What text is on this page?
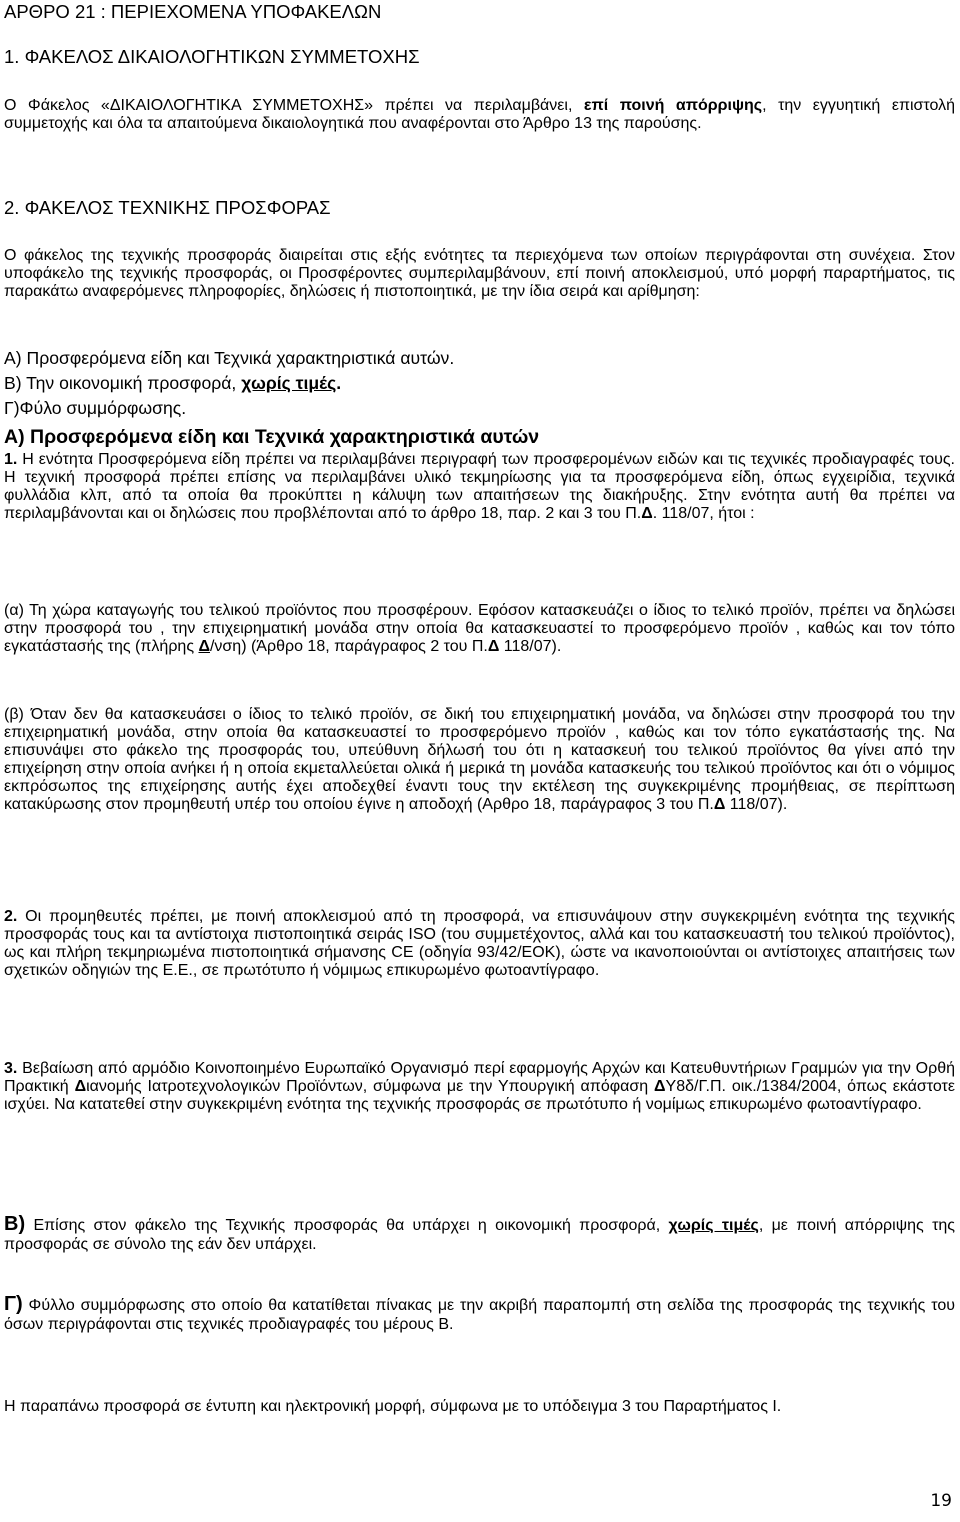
ΑΡΘΡΟ 21 : ΠΕΡΙΕΧΟΜΕΝΑ ΥΠΟΦΑΚΕΛΩΝ

1. ΦΑΚΕΛΟΣ ΔΙΚΑΙΟΛΟΓΗΤΙΚΩΝ ΣΥΜΜΕΤΟΧΗΣ

Ο Φάκελος «ΔΙΚΑΙΟΛΟΓΗΤΙΚΑ ΣΥΜΜΕΤΟΧΗΣ» πρέπει να περιλαμβάνει, επί ποινή απόρριψης, την εγγυητική επιστολή συμμετοχής και όλα τα απαιτούμενα δικαιολογητικά που αναφέρονται στο Άρθρο 13 της παρούσης.

2. ΦΑΚΕΛΟΣ ΤΕΧΝΙΚΗΣ ΠΡΟΣΦΟΡΑΣ

Ο φάκελος της τεχνικής προσφοράς διαιρείται στις εξής ενότητες τα περιεχόμενα των οποίων περιγράφονται στη συνέχεια. Στον υποφάκελο της τεχνικής προσφοράς, οι Προσφέροντες συμπεριλαμβάνουν, επί ποινή αποκλεισμού, υπό μορφή παραρτήματος, τις παρακάτω αναφερόμενες πληροφορίες, δηλώσεις ή πιστοποιητικά, με την ίδια σειρά και αρίθμηση:

Α) Προσφερόμενα είδη και Τεχνικά χαρακτηριστικά αυτών.

Β) Την οικονομική προσφορά, χωρίς τιμές.

Γ)Φύλο συμμόρφωσης.

Α) Προσφερόμενα είδη και Τεχνικά χαρακτηριστικά αυτών

1. Η ενότητα Προσφερόμενα είδη πρέπει να περιλαμβάνει περιγραφή των προσφερομένων ειδών και τις τεχνικές προδιαγραφές τους. Η τεχνική προσφορά πρέπει επίσης να περιλαμβάνει υλικό τεκμηρίωσης για τα προσφερόμενα είδη, όπως εγχειρίδια, τεχνικά φυλλάδια κλπ, από τα οποία θα προκύπτει η κάλυψη των απαιτήσεων της διακήρυξης. Στην ενότητα αυτή θα πρέπει να περιλαμβάνονται και οι δηλώσεις που προβλέπονται από το άρθρο 18, παρ. 2 και 3 του Π.Δ. 118/07, ήτοι :

(α) Τη χώρα καταγωγής του τελικού προϊόντος που προσφέρουν. Εφόσον κατασκευάζει ο ίδιος το τελικό προϊόν, πρέπει να δηλώσει στην προσφορά του , την επιχειρηματική μονάδα στην οποία θα κατασκευαστεί το προσφερόμενο προϊόν , καθώς και τον τόπο εγκατάστασής της (πλήρης Δ/νση) (Άρθρο 18, παράγραφος 2 του Π.Δ 118/07).

(β) Όταν δεν θα κατασκευάσει ο ίδιος το τελικό προϊόν, σε δική του επιχειρηματική μονάδα, να δηλώσει στην προσφορά του την επιχειρηματική μονάδα, στην οποία θα κατασκευαστεί το προσφερόμενο προϊόν , καθώς και τον τόπο εγκατάστασής της. Να επισυνάψει στο φάκελο της προσφοράς του, υπεύθυνη δήλωσή του ότι η κατασκευή του τελικού προϊόντος θα γίνει από την επιχείρηση στην οποία ανήκει ή η οποία εκμεταλλεύεται ολικά ή μερικά τη μονάδα κατασκευής του τελικού προϊόντος και ότι ο νόμιμος εκπρόσωπος της επιχείρησης αυτής έχει αποδεχθεί έναντι τους την εκτέλεση της συγκεκριμένης προμήθειας, σε περίπτωση κατακύρωσης στον προμηθευτή υπέρ του οποίου έγινε η αποδοχή (Αρθρο 18, παράγραφος 3 του Π.Δ 118/07).

2. Οι προμηθευτές πρέπει, με ποινή αποκλεισμού από τη προσφορά, να επισυνάψουν στην συγκεκριμένη ενότητα της τεχνικής προσφοράς τους και τα αντίστοιχα πιστοποιητικά σειράς ISO (του συμμετέχοντος, αλλά και του κατασκευαστή του τελικού προϊόντος), ως και πλήρη τεκμηριωμένα πιστοποιητικά σήμανσης CE (οδηγία 93/42/ΕΟΚ), ώστε να ικανοποιούνται οι αντίστοιχες απαιτήσεις των σχετικών οδηγιών της Ε.Ε., σε πρωτότυπο ή νόμιμως επικυρωμένο φωτοαντίγραφο.

3. Βεβαίωση από αρμόδιο Κοινοποιημένο Ευρωπαϊκό Οργανισμό περί εφαρμογής Αρχών και Κατευθυντήριων Γραμμών για την Ορθή Πρακτική Διανομής Ιατροτεχνολογικών Προϊόντων, σύμφωνα με την Υπουργική απόφαση ΔΥ8δ/Γ.Π. οικ./1384/2004, όπως εκάστοτε ισχύει. Να κατατεθεί στην συγκεκριμένη ενότητα της τεχνικής προσφοράς σε πρωτότυπο ή νομίμως επικυρωμένο φωτοαντίγραφο.

Β) Επίσης στον φάκελο της Τεχνικής προσφοράς θα υπάρχει η οικονομική προσφορά, χωρίς τιμές, με ποινή απόρριψης της προσφοράς σε σύνολο της εάν δεν υπάρχει.

Γ) Φύλλο συμμόρφωσης στο οποίο θα κατατίθεται πίνακας με την ακριβή παραπομπή στη σελίδα της προσφοράς της τεχνικής του όσων περιγράφονται στις τεχνικές προδιαγραφές του μέρους Β.

Η παραπάνω προσφορά σε έντυπη και ηλεκτρονική μορφή, σύμφωνα με το υπόδειγμα 3 του Παραρτήματος Ι.

19
